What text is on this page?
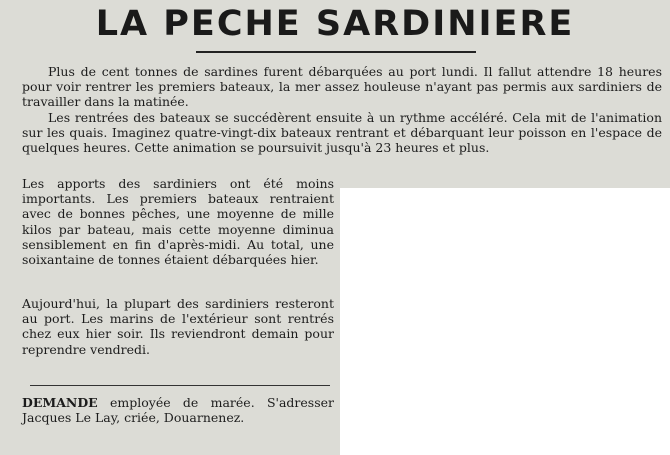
LA PECHE SARDINIERE

Plus de cent tonnes de sardines furent débarquées au port lundi. Il fallut attendre 18 heures pour voir rentrer les premiers bateaux, la mer assez houleuse n'ayant pas permis aux sardiniers de travailler dans la matinée.

Les rentrées des bateaux se succédèrent ensuite à un rythme accéléré. Cela mit de l'animation sur les quais. Imaginez quatre-vingt-dix bateaux rentrant et débarquant leur poisson en l'espace de quelques heures. Cette animation se poursuivit jusqu'à 23 heures et plus.

Les apports des sardiniers ont été moins importants. Les premiers bateaux rentraient avec de bonnes pêches, une moyenne de mille kilos par bateau, mais cette moyenne diminua sensiblement en fin d'après-midi. Au total, une soixantaine de tonnes étaient débarquées hier.

Aujourd'hui, la plupart des sardiniers resteront au port. Les marins de l'extérieur sont rentrés chez eux hier soir. Ils reviendront demain pour reprendre vendredi.

DEMANDE employée de marée. S'adresser Jacques Le Lay, criée, Douarnenez.
